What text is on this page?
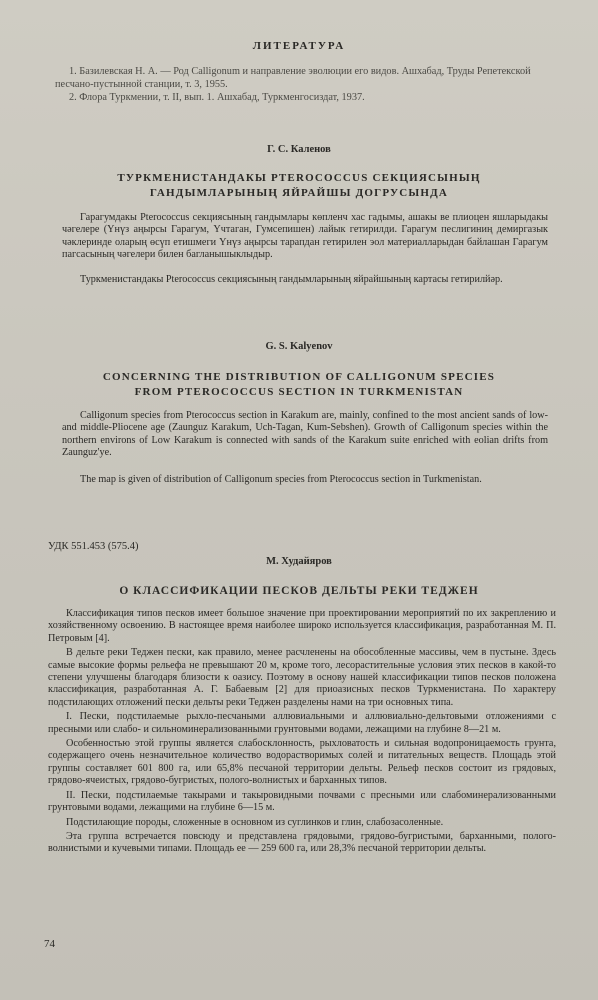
ЛИТЕРАТУРА
1. Базилевская Н. А. — Род Calligonum и направление эволюции его видов. Ашхабад, Труды Репетекской песчано-пустынной станции, т. 3, 1955.
2. Флора Туркмении, т. II, вып. 1. Ашхабад, Туркменгосиздат, 1937.
Г. С. Каленов
ТУРКМЕНИСТАНДАКЫ PTEROCOCCUS СЕКЦИЯСЫНЫҢ
ГАНДЫМЛАРЫНЫҢ ЯЙРАЙШЫ ДОГРУСЫНДА

Гарагумдакы Pterococcus секциясының гандымлары көпленч хас гадымы, ашакы ве плиоцен яшларыдакы чәгелере (Үнүз аңырсы Гарагум, Үчтаган, Гумсепишен) лайык гетирилди. Гарагум песлигиниң демиргазык чәклеринде оларың өсүп етишмеги Үнүз аңырсы тарапдан гетирилен эол материалларыдан байлашан Гарагум пагсасының чәгелери билен багланышыклыдыр.

Туркменистандакы Pterococcus секциясының гандымларының яйрайшының картасы гетирилйәр.

G. S. Kalyenov
CONCERNING THE DISTRIBUTION OF CALLIGONUM SPECIES
FROM PTEROCOCCUS SECTION IN TURKMENISTAN

Calligonum species from Pterococcus section in Karakum are, mainly, confined to the most ancient sands of low- and middle-Pliocene age (Zaunguz Karakum, Uch-Tagan, Kum-Sebshen). Growth of Calligonum species within the northern environs of Low Karakum is connected with sands of the Karakum suite enriched with eolian drifts from Zaunguz'ye.

The map is given of distribution of Calligonum species from Pterococcus section in Turkmenistan.

УДК 551.453 (575.4)
М. Худайяров
О КЛАССИФИКАЦИИ ПЕСКОВ ДЕЛЬТЫ РЕКИ ТЕДЖЕН

Классификация типов песков имеет большое значение при проектировании мероприятий по их закреплению и хозяйственному освоению. В настоящее время наиболее широко используется классификация, разработанная М. П. Петровым [4].

В дельте реки Теджен пески, как правило, менее расчленены на обособленные массивы, чем в пустыне. Здесь самые высокие формы рельефа не превышают 20 м, кроме того, лесорастительные условия этих песков в какой-то степени улучшены благодаря близости к оазису. Поэтому в основу нашей классификации типов песков положена классификация, разработанная А. Г. Бабаевым [2] для приоазисных песков Туркменистана. По характеру подстилающих отложений пески дельты реки Теджен разделены нами на три основных типа.

I. Пески, подстилаемые рыхло-песчаными аллювиальными и аллювиально-дельтовыми отложениями с пресными или слабо- и сильноминерализованными грунтовыми водами, лежащими на глубине 8—21 м.

Особенностью этой группы является слабосклонность, рыхловатость и сильная водопроницаемость грунта, содержащего очень незначительное количество водорастворимых солей и питательных веществ. Площадь этой группы составляет 601 800 га, или 65,8% песчаной территории дельты. Рельеф песков состоит из грядовых, грядово-ячеистых, грядово-бугристых, полого-волнистых и барханных типов.

II. Пески, подстилаемые такырами и такыровидными почвами с пресными или слабоминерализованными грунтовыми водами, лежащими на глубине 6—15 м.

Подстилающие породы, сложенные в основном из суглинков и глин, слабозасоленные.

Эта группа встречается повсюду и представлена грядовыми, грядово-бугристыми, барханными, полого-волнистыми и кучевыми типами. Площадь ее — 259 600 га, или 28,3% песчаной территории дельты.

74
